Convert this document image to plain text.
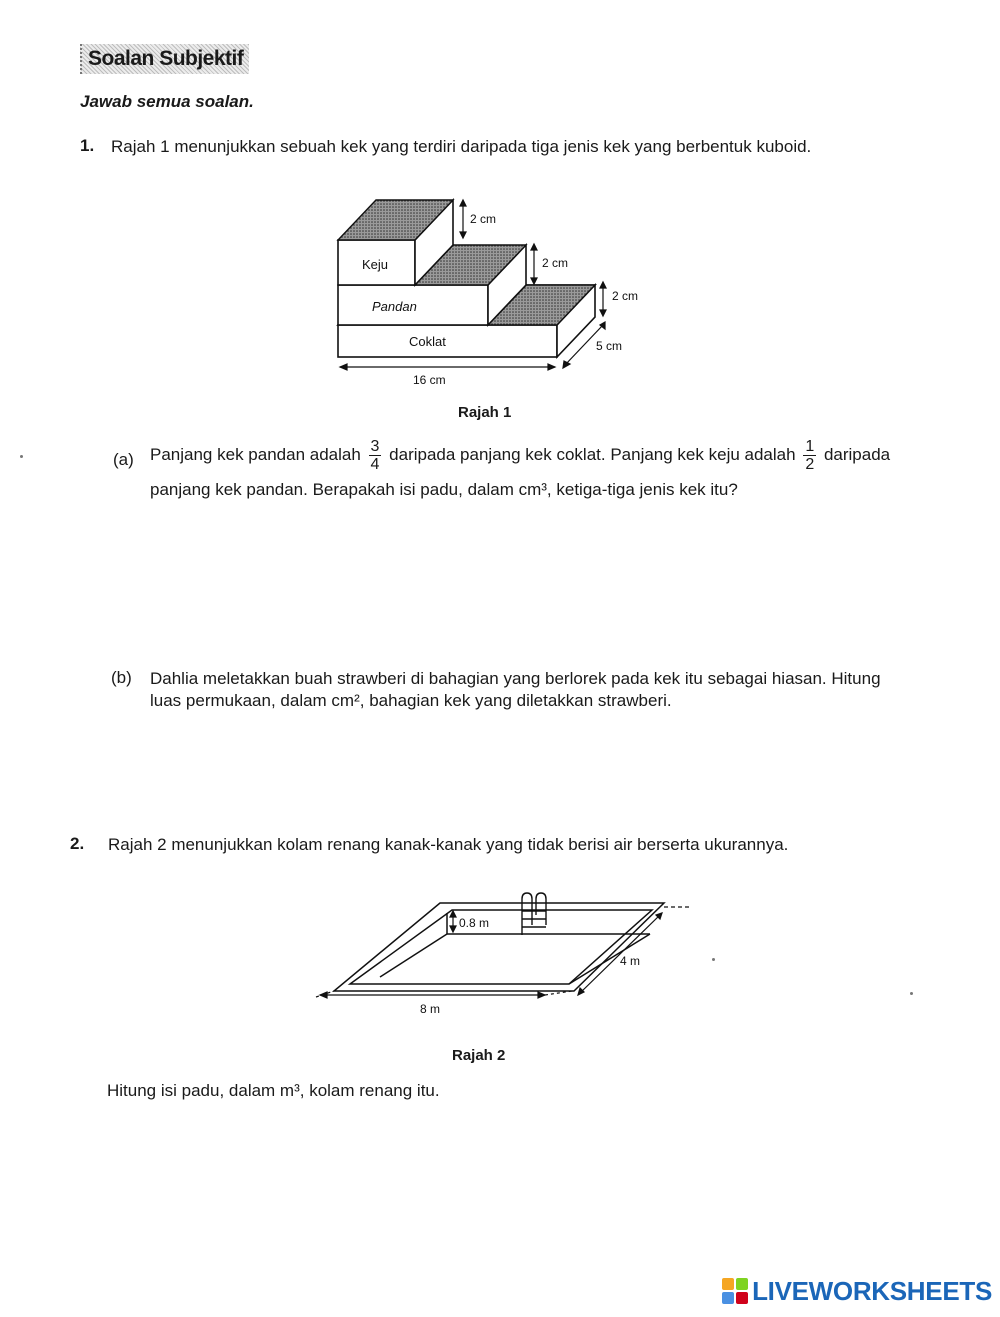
Soalan Subjektif
Jawab semua soalan.
1. Rajah 1 menunjukkan sebuah kek yang terdiri daripada tiga jenis kek yang berbentuk kuboid.
Keju
Pandan
Coklat
2 cm
2 cm
2 cm
5 cm
16 cm
Rajah 1
(a) Panjang kek pandan adalah $\frac{3}{4}$ daripada panjang kek coklat. Panjang kek keju adalah $\frac{1}{2}$ daripada panjang kek pandan. Berapakah isi padu, dalam cm³, ketiga-tiga jenis kek itu?
(b) Dahlia meletakkan buah strawberi di bahagian yang berlorek pada kek itu sebagai hiasan. Hitung luas permukaan, dalam cm², bahagian kek yang diletakkan strawberi.
2. Rajah 2 menunjukkan kolam renang kanak-kanak yang tidak berisi air berserta ukurannya.
0.8 m
4 m
8 m
Rajah 2
Hitung isi padu, dalam m³, kolam renang itu.
LIVEWORKSHEETS
